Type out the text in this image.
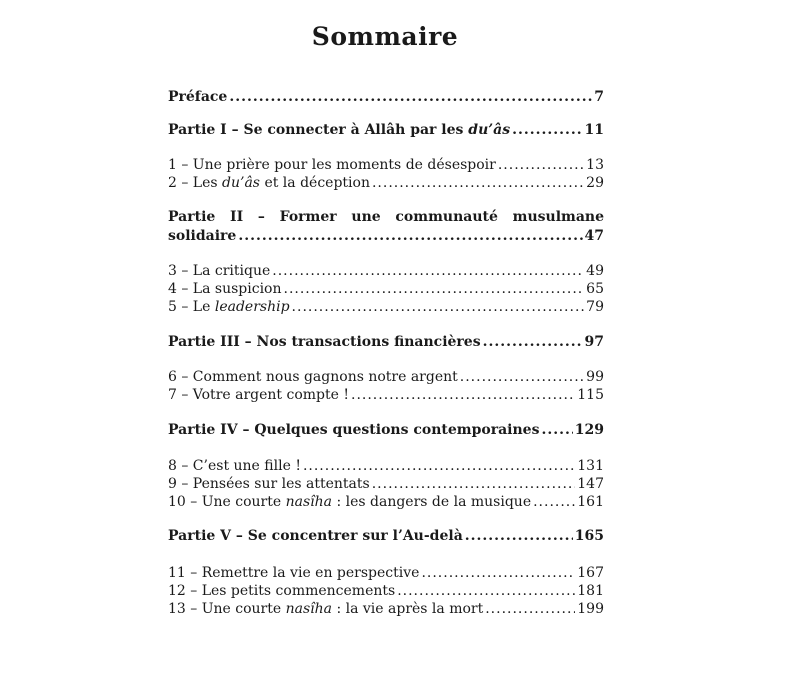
Sommaire
Préface .....	7
Partie I – Se connecter à Allâh par les du’âs .....	11
1 – Une prière pour les moments de désespoir .....	13
2 – Les du’âs et la déception .....	29
Partie II – Former une communauté musulmane
solidaire .....	47
3 – La critique .....	49
4 – La suspicion .....	65
5 – Le leadership .....	79
Partie III – Nos transactions financières .....	97
6 – Comment nous gagnons notre argent .....	99
7 – Votre argent compte ! .....	115
Partie IV – Quelques questions contemporaines .....	129
8 – C’est une fille ! .....	131
9 – Pensées sur les attentats .....	147
10 – Une courte nasîha : les dangers de la musique .....	161
Partie V – Se concentrer sur l’Au-delà .....	165
11 – Remettre la vie en perspective .....	167
12 – Les petits commencements .....	181
13 – Une courte nasîha : la vie après la mort .....	199
